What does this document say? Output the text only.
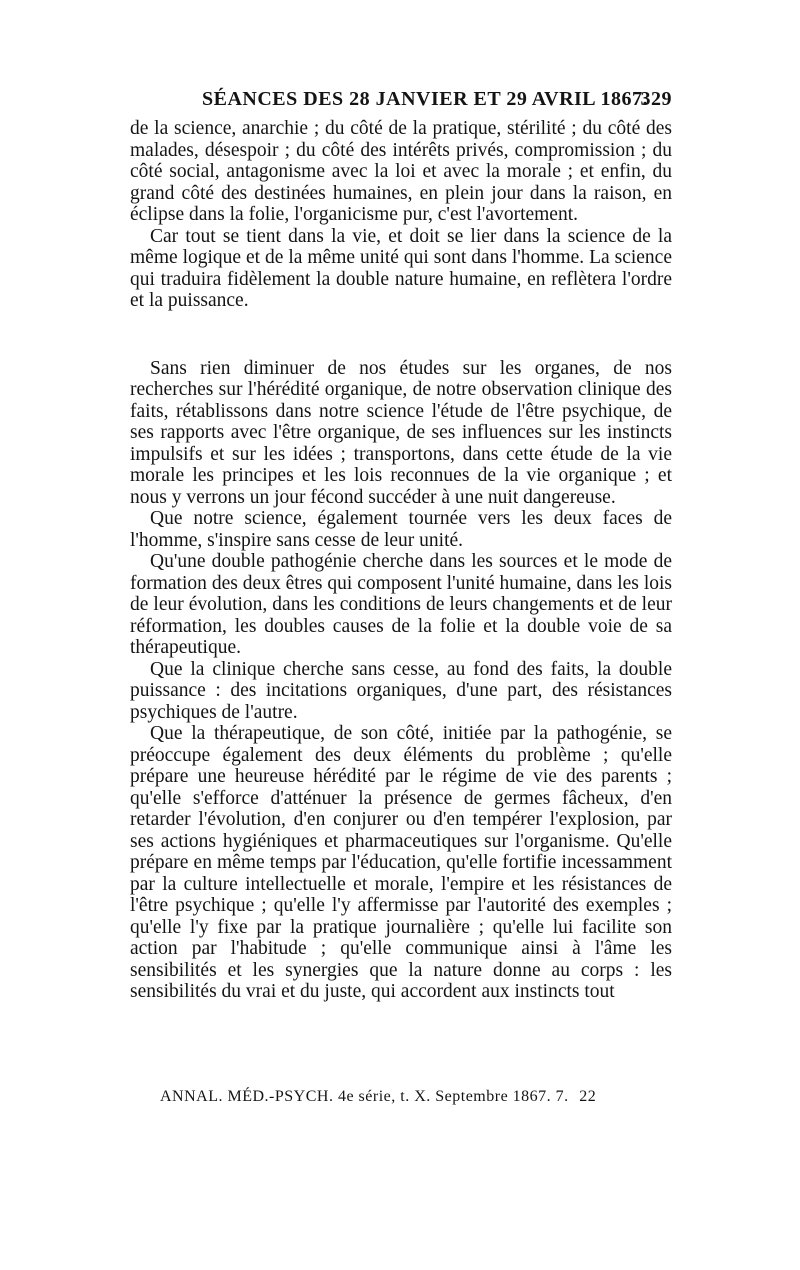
SÉANCES DES 28 JANVIER ET 29 AVRIL 1867.
329

de la science, anarchie ; du côté de la pratique, stérilité ; du côté des malades, désespoir ; du côté des intérêts privés, compromission ; du côté social, antagonisme avec la loi et avec la morale ; et enfin, du grand côté des destinées humaines, en plein jour dans la raison, en éclipse dans la folie, l'organicisme pur, c'est l'avortement.

Car tout se tient dans la vie, et doit se lier dans la science de la même logique et de la même unité qui sont dans l'homme. La science qui traduira fidèlement la double nature humaine, en reflètera l'ordre et la puissance.

Sans rien diminuer de nos études sur les organes, de nos recherches sur l'hérédité organique, de notre observation clinique des faits, rétablissons dans notre science l'étude de l'être psychique, de ses rapports avec l'être organique, de ses influences sur les instincts impulsifs et sur les idées ; transportons, dans cette étude de la vie morale les principes et les lois reconnues de la vie organique ; et nous y verrons un jour fécond succéder à une nuit dangereuse.

Que notre science, également tournée vers les deux faces de l'homme, s'inspire sans cesse de leur unité.

Qu'une double pathogénie cherche dans les sources et le mode de formation des deux êtres qui composent l'unité humaine, dans les lois de leur évolution, dans les conditions de leurs changements et de leur réformation, les doubles causes de la folie et la double voie de sa thérapeutique.

Que la clinique cherche sans cesse, au fond des faits, la double puissance : des incitations organiques, d'une part, des résistances psychiques de l'autre.

Que la thérapeutique, de son côté, initiée par la pathogénie, se préoccupe également des deux éléments du problème ; qu'elle prépare une heureuse hérédité par le régime de vie des parents ; qu'elle s'efforce d'atténuer la présence de germes fâcheux, d'en retarder l'évolution, d'en conjurer ou d'en tempérer l'explosion, par ses actions hygiéniques et pharmaceutiques sur l'organisme. Qu'elle prépare en même temps par l'éducation, qu'elle fortifie incessamment par la culture intellectuelle et morale, l'empire et les résistances de l'être psychique ; qu'elle l'y affermisse par l'autorité des exemples ; qu'elle l'y fixe par la pratique journalière ; qu'elle lui facilite son action par l'habitude ; qu'elle communique ainsi à l'âme les sensibilités et les synergies que la nature donne au corps : les sensibilités du vrai et du juste, qui accordent aux instincts tout

ANNAL. MÉD.-PSYCH. 4e série, t. X. Septembre 1867. 7. 22
